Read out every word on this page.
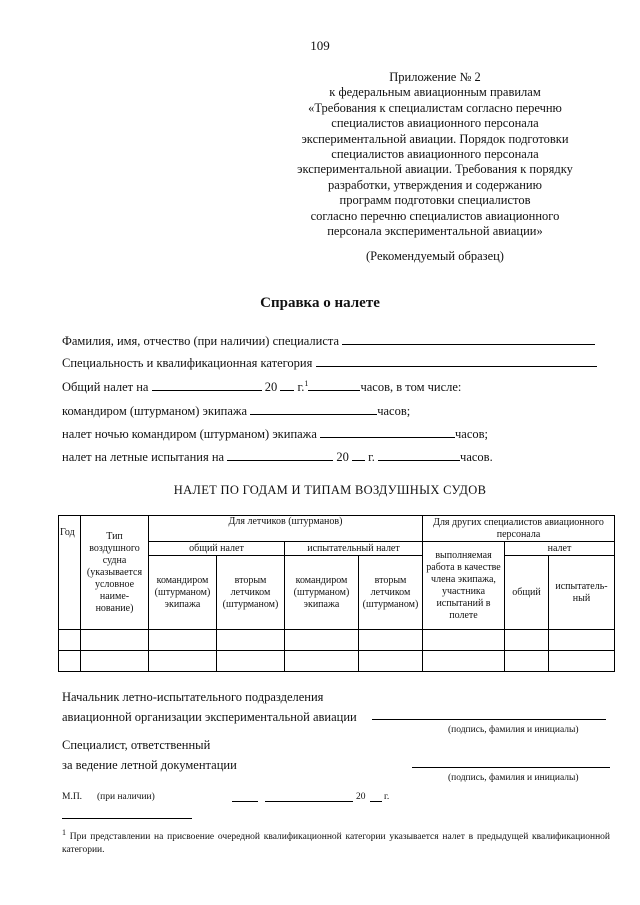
109
Приложение № 2
к федеральным авиационным правилам
«Требования к специалистам согласно перечню
специалистов авиационного персонала
экспериментальной авиации. Порядок подготовки
специалистов авиационного персонала
экспериментальной авиации. Требования к порядку
разработки, утверждения и содержанию
программ подготовки специалистов
согласно перечню специалистов авиационного
персонала экспериментальной авиации»
(Рекомендуемый образец)
Справка о налете
Фамилия, имя, отчество (при наличии) специалиста
Специальность и квалификационная категория
Общий налет на	20 г.$^1$	часов, в том числе:
командиром (штурманом) экипажа	часов;
налет ночью командиром (штурманом) экипажа	часов;
налет на летные испытания на	20 г.	часов.
НАЛЕТ ПО ГОДАМ И ТИПАМ ВОЗДУШНЫХ СУДОВ
Год	Тип воздушного судна (указывается условное наиме-нование)	Для летчиков (штурманов)				Для других специалистов авиационного персонала		
		общий налет		испытательный налет		выполняемая работа в качестве члена экипажа, участника испытаний в полете	налет	
		командиром (штурманом) экипажа	вторым летчиком (штурманом)	командиром (штурманом) экипажа	вторым летчиком (штурманом)		общий	испытатель-ный

Начальник летно-испытательного подразделения
авиационной организации экспериментальной авиации
(подпись, фамилия и инициалы)
Специалист, ответственный
за ведение летной документации
(подпись, фамилия и инициалы)
М.П. (при наличии)	20 г.
$^1$ При представлении на присвоение очередной квалификационной категории указывается налет в предыдущей квалификационной категории.
